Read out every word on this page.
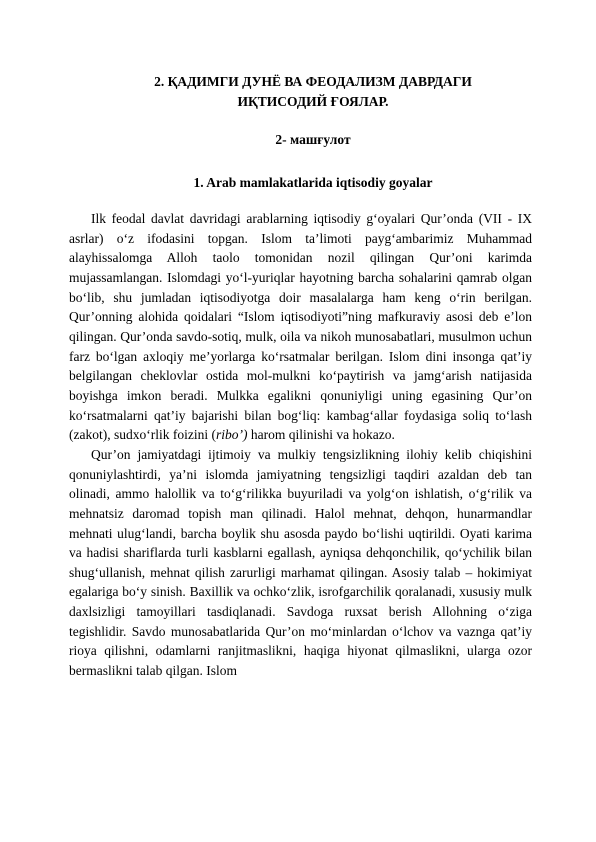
2. ҚАДИМГИ ДУНЁ ВА ФЕОДАЛИЗМ ДАВРДАГИ
ИҚТИСОДИЙ ҒОЯЛАР.
2- машғулот
1. Arab mamlakatlarida iqtisodiy goyalar

Ilk feodal davlat davridagi arablarning iqtisodiy g‘oyalari Qur’onda (VII - IX asrlar) o‘z ifodasini topgan. Islom ta’limoti payg‘ambarimiz Muhammad alayhissalomga Alloh taolo tomonidan nozil qilingan Qur’oni karimda mujassamlangan. Islomdagi yo‘l-yuriqlar hayotning barcha sohalarini qamrab olgan bo‘lib, shu jumladan iqtisodiyotga doir masalalarga ham keng o‘rin berilgan. Qur’onning alohida qoidalari “Islom iqtisodiyoti”ning mafkuraviy asosi deb e’lon qilingan. Qur’onda savdo-sotiq, mulk, oila va nikoh munosabatlari, musulmon uchun farz bo‘lgan axloqiy me’yorlarga ko‘rsatmalar berilgan. Islom dini insonga qat’iy belgilangan cheklovlar ostida mol-mulkni ko‘paytirish va jamg‘arish natijasida boyishga imkon beradi. Mulkka egalikni qonuniyligi uning egasining Qur’on ko‘rsatmalarni qat’iy bajarishi bilan bog‘liq: kambag‘allar foydasiga soliq to‘lash (zakot), sudxo‘rlik foizini (ribo’) harom qilinishi va hokazo.

Qur’on jamiyatdagi ijtimoiy va mulkiy tengsizlikning ilohiy kelib chiqishini qonuniylashtirdi, ya’ni islomda jamiyatning tengsizligi taqdiri azaldan deb tan olinadi, ammo halollik va to‘g‘rilikka buyuriladi va yolg‘on ishlatish, o‘g‘rilik va mehnatsiz daromad topish man qilinadi. Halol mehnat, dehqon, hunarmandlar mehnati ulug‘landi, barcha boylik shu asosda paydo bo‘lishi uqtirildi. Oyati karima va hadisi shariflarda turli kasblarni egallash, ayniqsa dehqonchilik, qo‘ychilik bilan shug‘ullanish, mehnat qilish zarurligi marhamat qilingan. Asosiy talab – hokimiyat egalariga bo‘y sinish. Baxillik va ochko‘zlik, isrofgarchilik qoralanadi, xususiy mulk daxlsizligi tamoyillari tasdiqlanadi. Savdoga ruxsat berish Allohning o‘ziga tegishlidir. Savdo munosabatlarida Qur’on mo‘minlardan o‘lchov va vaznga qat’iy rioya qilishni, odamlarni ranjitmaslikni, haqiga hiyonat qilmaslikni, ularga ozor bermaslikni talab qilgan. Islom
